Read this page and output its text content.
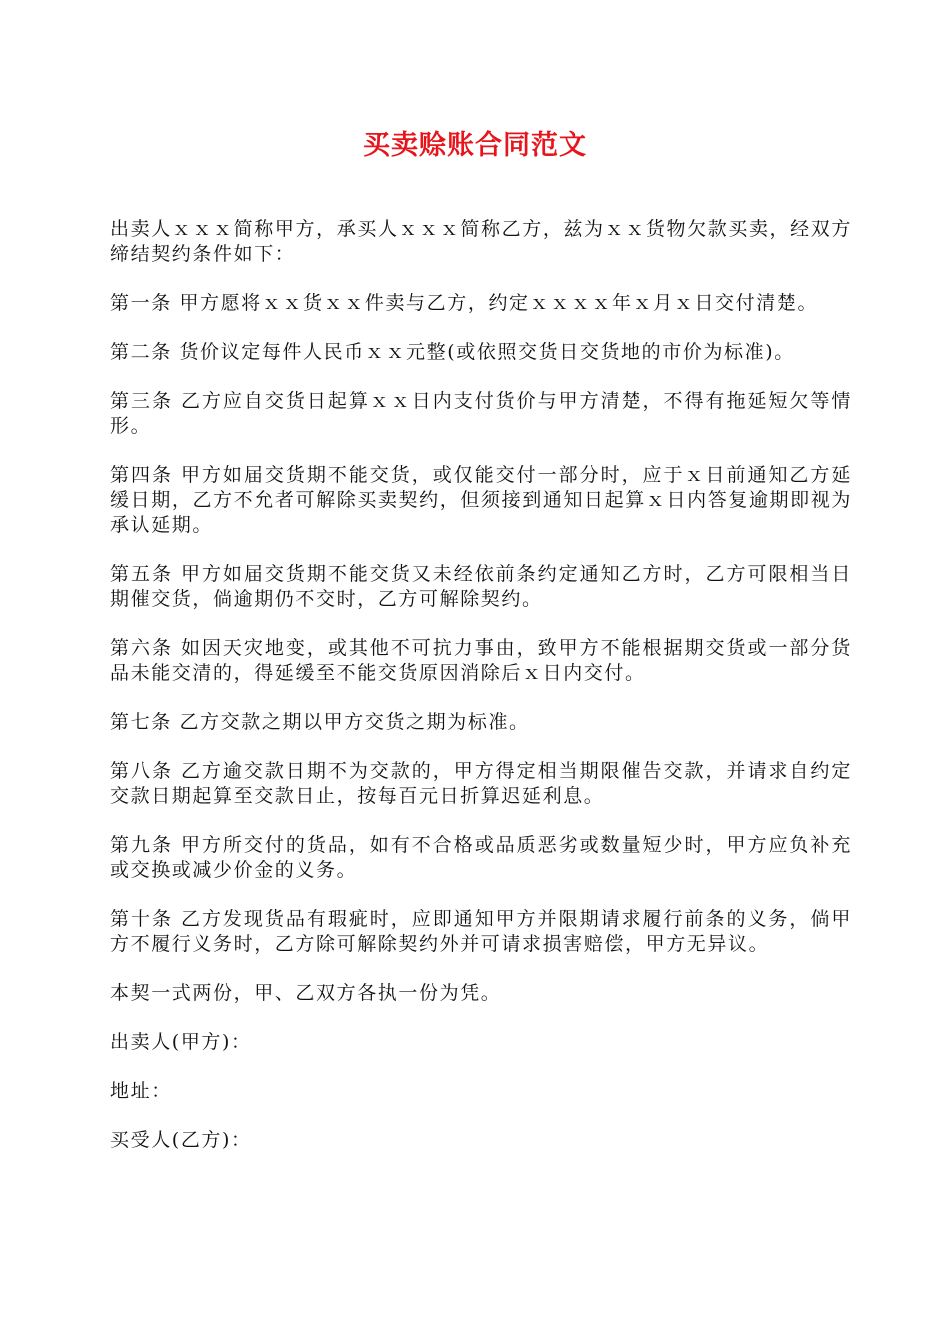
买卖赊账合同范文

出卖人ｘｘｘ简称甲方，承买人ｘｘｘ简称乙方，兹为ｘｘ货物欠款买卖，经双方缔结契约条件如下：

第一条 甲方愿将ｘｘ货ｘｘ件卖与乙方，约定ｘｘｘｘ年ｘ月ｘ日交付清楚。

第二条 货价议定每件人民币ｘｘ元整(或依照交货日交货地的市价为标准)。

第三条 乙方应自交货日起算ｘｘ日内支付货价与甲方清楚，不得有拖延短欠等情形。

第四条 甲方如届交货期不能交货，或仅能交付一部分时，应于ｘ日前通知乙方延缓日期，乙方不允者可解除买卖契约，但须接到通知日起算ｘ日内答复逾期即视为承认延期。

第五条 甲方如届交货期不能交货又未经依前条约定通知乙方时，乙方可限相当日期催交货，倘逾期仍不交时，乙方可解除契约。

第六条 如因天灾地变，或其他不可抗力事由，致甲方不能根据期交货或一部分货品未能交清的，得延缓至不能交货原因消除后ｘ日内交付。

第七条 乙方交款之期以甲方交货之期为标准。

第八条 乙方逾交款日期不为交款的，甲方得定相当期限催告交款，并请求自约定交款日期起算至交款日止，按每百元日折算迟延利息。

第九条 甲方所交付的货品，如有不合格或品质恶劣或数量短少时，甲方应负补充或交换或减少价金的义务。

第十条 乙方发现货品有瑕疵时，应即通知甲方并限期请求履行前条的义务，倘甲方不履行义务时，乙方除可解除契约外并可请求损害赔偿，甲方无异议。

本契一式两份，甲、乙双方各执一份为凭。

出卖人(甲方)：

地址：

买受人(乙方)：
